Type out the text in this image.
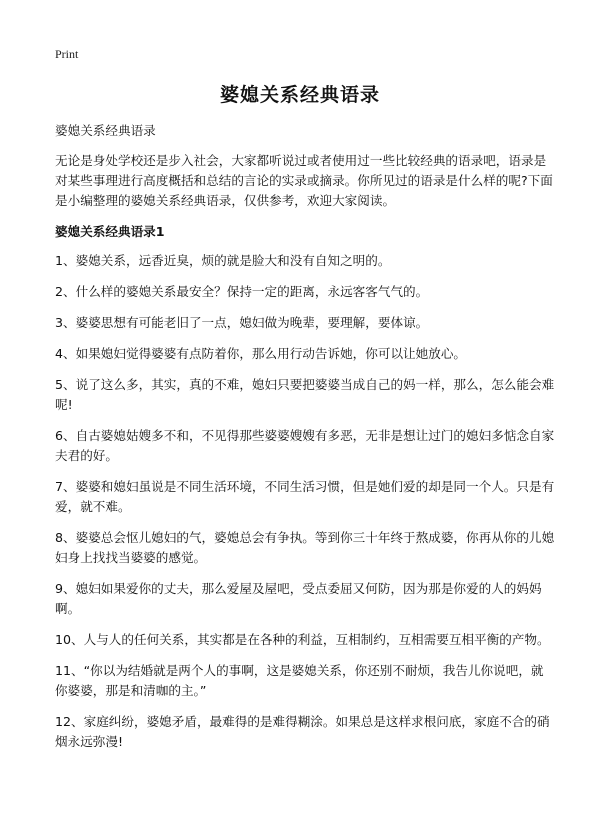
Print
婆媳关系经典语录

婆媳关系经典语录

无论是身处学校还是步入社会，大家都听说过或者使用过一些比较经典的语录吧，语录是对某些事理进行高度概括和总结的言论的实录或摘录。你所见过的语录是什么样的呢?下面是小编整理的婆媳关系经典语录，仅供参考，欢迎大家阅读。

婆媳关系经典语录1

1、婆媳关系，远香近臭，烦的就是脸大和没有自知之明的。

2、什么样的婆媳关系最安全？保持一定的距离，永远客客气气的。

3、婆婆思想有可能老旧了一点，媳妇做为晚辈，要理解，要体谅。

4、如果媳妇觉得婆婆有点防着你，那么用行动告诉她，你可以让她放心。

5、说了这么多，其实，真的不难，媳妇只要把婆婆当成自己的妈一样，那么，怎么能会难呢!

6、自古婆媳姑嫂多不和，不见得那些婆婆嫂嫂有多恶，无非是想让过门的媳妇多惦念自家夫君的好。

7、婆婆和媳妇虽说是不同生活环境，不同生活习惯，但是她们爱的却是同一个人。只是有爱，就不难。

8、婆婆总会怄儿媳妇的气，婆媳总会有争执。等到你三十年终于熬成婆，你再从你的儿媳妇身上找找当婆婆的感觉。

9、媳妇如果爱你的丈夫，那么爱屋及屋吧，受点委屈又何防，因为那是你爱的人的妈妈啊。

10、人与人的任何关系，其实都是在各种的利益，互相制约，互相需要互相平衡的产物。

11、“你以为结婚就是两个人的事啊，这是婆媳关系，你还别不耐烦，我告儿你说吧，就你婆婆，那是和清咖的主。”

12、家庭纠纷，婆媳矛盾，最难得的是难得糊涂。如果总是这样求根问底，家庭不合的硝烟永远弥漫!
